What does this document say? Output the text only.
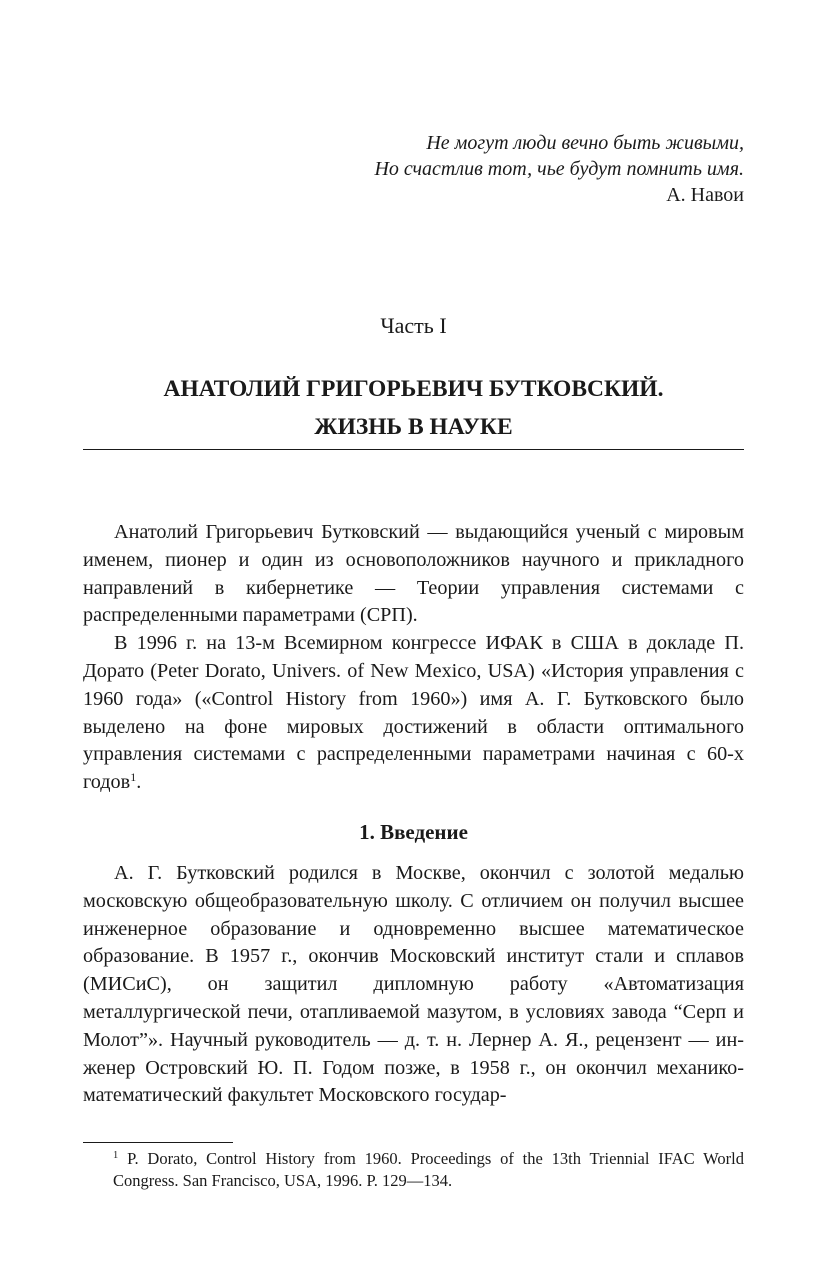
Не могут люди вечно быть живыми,
Но счастлив тот, чье будут помнить имя.
А. Навои
Часть I
АНАТОЛИЙ ГРИГОРЬЕВИЧ БУТКОВСКИЙ.
ЖИЗНЬ В НАУКЕ

Анатолий Григорьевич Бутковский — выдающийся ученый с мировым именем, пионер и один из основоположников научного и прикладного направлений в кибернетике — Теории управления системами с распределенными параметрами (СРП).

В 1996 г. на 13-м Всемирном конгрессе ИФАК в США в докладе П. Дорато (Peter Dorato, Univers. of New Mexico, USA) «История управления с 1960 года» («Control History from 1960») имя А. Г. Бутковского было выделено на фоне мировых достижений в области оптимального управления системами с распределенными параметрами начиная с 60-х годов$^1$.

1. Введение

А. Г. Бутковский родился в Москве, окончил с золотой медалью московскую общеобразовательную школу. С отличием он получил высшее инженерное образование и одновременно высшее математическое образование. В 1957 г., окончив Московский институт стали и сплавов (МИСиС), он защитил дипломную работу «Автоматизация металлургической печи, отапливаемой мазутом, в условиях завода “Серп и Молот”». Научный руководитель — д. т. н. Лернер А. Я., рецензент — инженер Островский Ю. П. Годом позже, в 1958 г., он окончил механико-математический факультет Московского государ-

$^1$ P. Dorato, Control History from 1960. Proceedings of the 13th Triennial IFAC World Congress. San Francisco, USA, 1996. P. 129—134.
